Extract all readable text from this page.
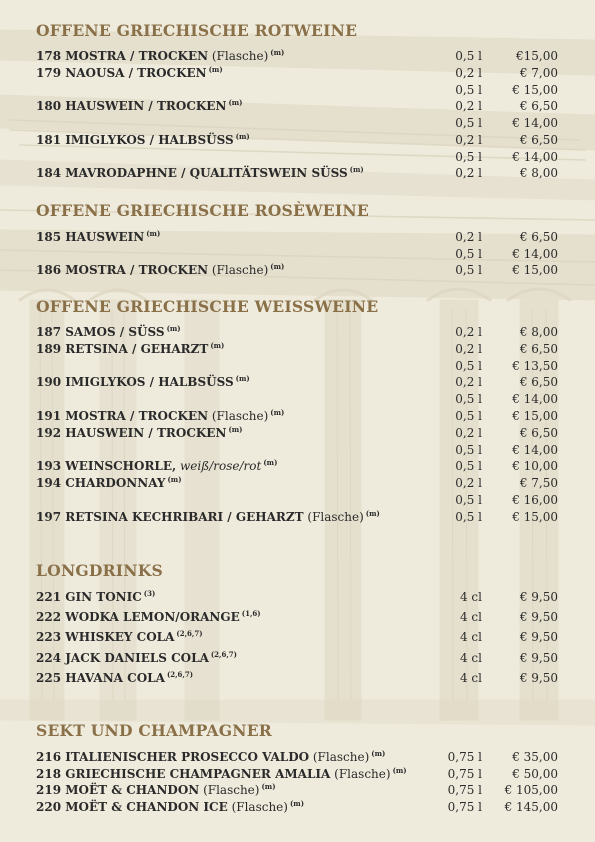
OFFENE GRIECHISCHE ROTWEINE
178 MOSTRA / TROCKEN (Flasche) $^{(m)}$	0,5 l	€15,00
179 NAOUSA / TROCKEN $^{(m)}$	0,2 l	€ 7,00
0,5 l	€ 15,00
180 HAUSWEIN / TROCKEN $^{(m)}$	0,2 l	€ 6,50
0,5 l	€ 14,00
181 IMIGLYKOS / HALBSÜSS $^{(m)}$	0,2 l	€ 6,50
0,5 l	€ 14,00
184 MAVRODAPHNE / QUALITÄTSWEIN SÜSS $^{(m)}$	0,2 l	€ 8,00
OFFENE GRIECHISCHE ROSÈWEINE
185 HAUSWEIN $^{(m)}$	0,2 l	€ 6,50
0,5 l	€ 14,00
186 MOSTRA / TROCKEN (Flasche) $^{(m)}$	0,5 l	€ 15,00
OFFENE GRIECHISCHE WEISSWEINE
187 SAMOS / SÜSS $^{(m)}$	0,2 l	€ 8,00
189 RETSINA / GEHARZT $^{(m)}$	0,2 l	€ 6,50
0,5 l	€ 13,50
190 IMIGLYKOS / HALBSÜSS $^{(m)}$	0,2 l	€ 6,50
0,5 l	€ 14,00
191 MOSTRA / TROCKEN (Flasche) $^{(m)}$	0,5 l	€ 15,00
192 HAUSWEIN / TROCKEN $^{(m)}$	0,2 l	€ 6,50
0,5 l	€ 14,00
193 WEINSCHORLE, weiß/rose/rot $^{(m)}$	0,5 l	€ 10,00
194 CHARDONNAY $^{(m)}$	0,2 l	€ 7,50
0,5 l	€ 16,00
197 RETSINA KECHRIBARI / GEHARZT (Flasche) $^{(m)}$	0,5 l	€ 15,00
LONGDRINKS
221 GIN TONIC $^{(3)}$	4 cl	€ 9,50
222 WODKA LEMON/ORANGE $^{(1,6)}$	4 cl	€ 9,50
223 WHISKEY COLA $^{(2,6,7)}$	4 cl	€ 9,50
224 JACK DANIELS COLA $^{(2,6,7)}$	4 cl	€ 9,50
225 HAVANA COLA $^{(2,6,7)}$	4 cl	€ 9,50
SEKT UND CHAMPAGNER
216 ITALIENISCHER PROSECCO VALDO (Flasche) $^{(m)}$	0,75 l	€ 35,00
218 GRIECHISCHE CHAMPAGNER AMALIA (Flasche) $^{(m)}$	0,75 l	€ 50,00
219 MOËT & CHANDON (Flasche) $^{(m)}$	0,75 l € 105,00
220 MOËT & CHANDON ICE (Flasche) $^{(m)}$	0,75 l € 145,00
